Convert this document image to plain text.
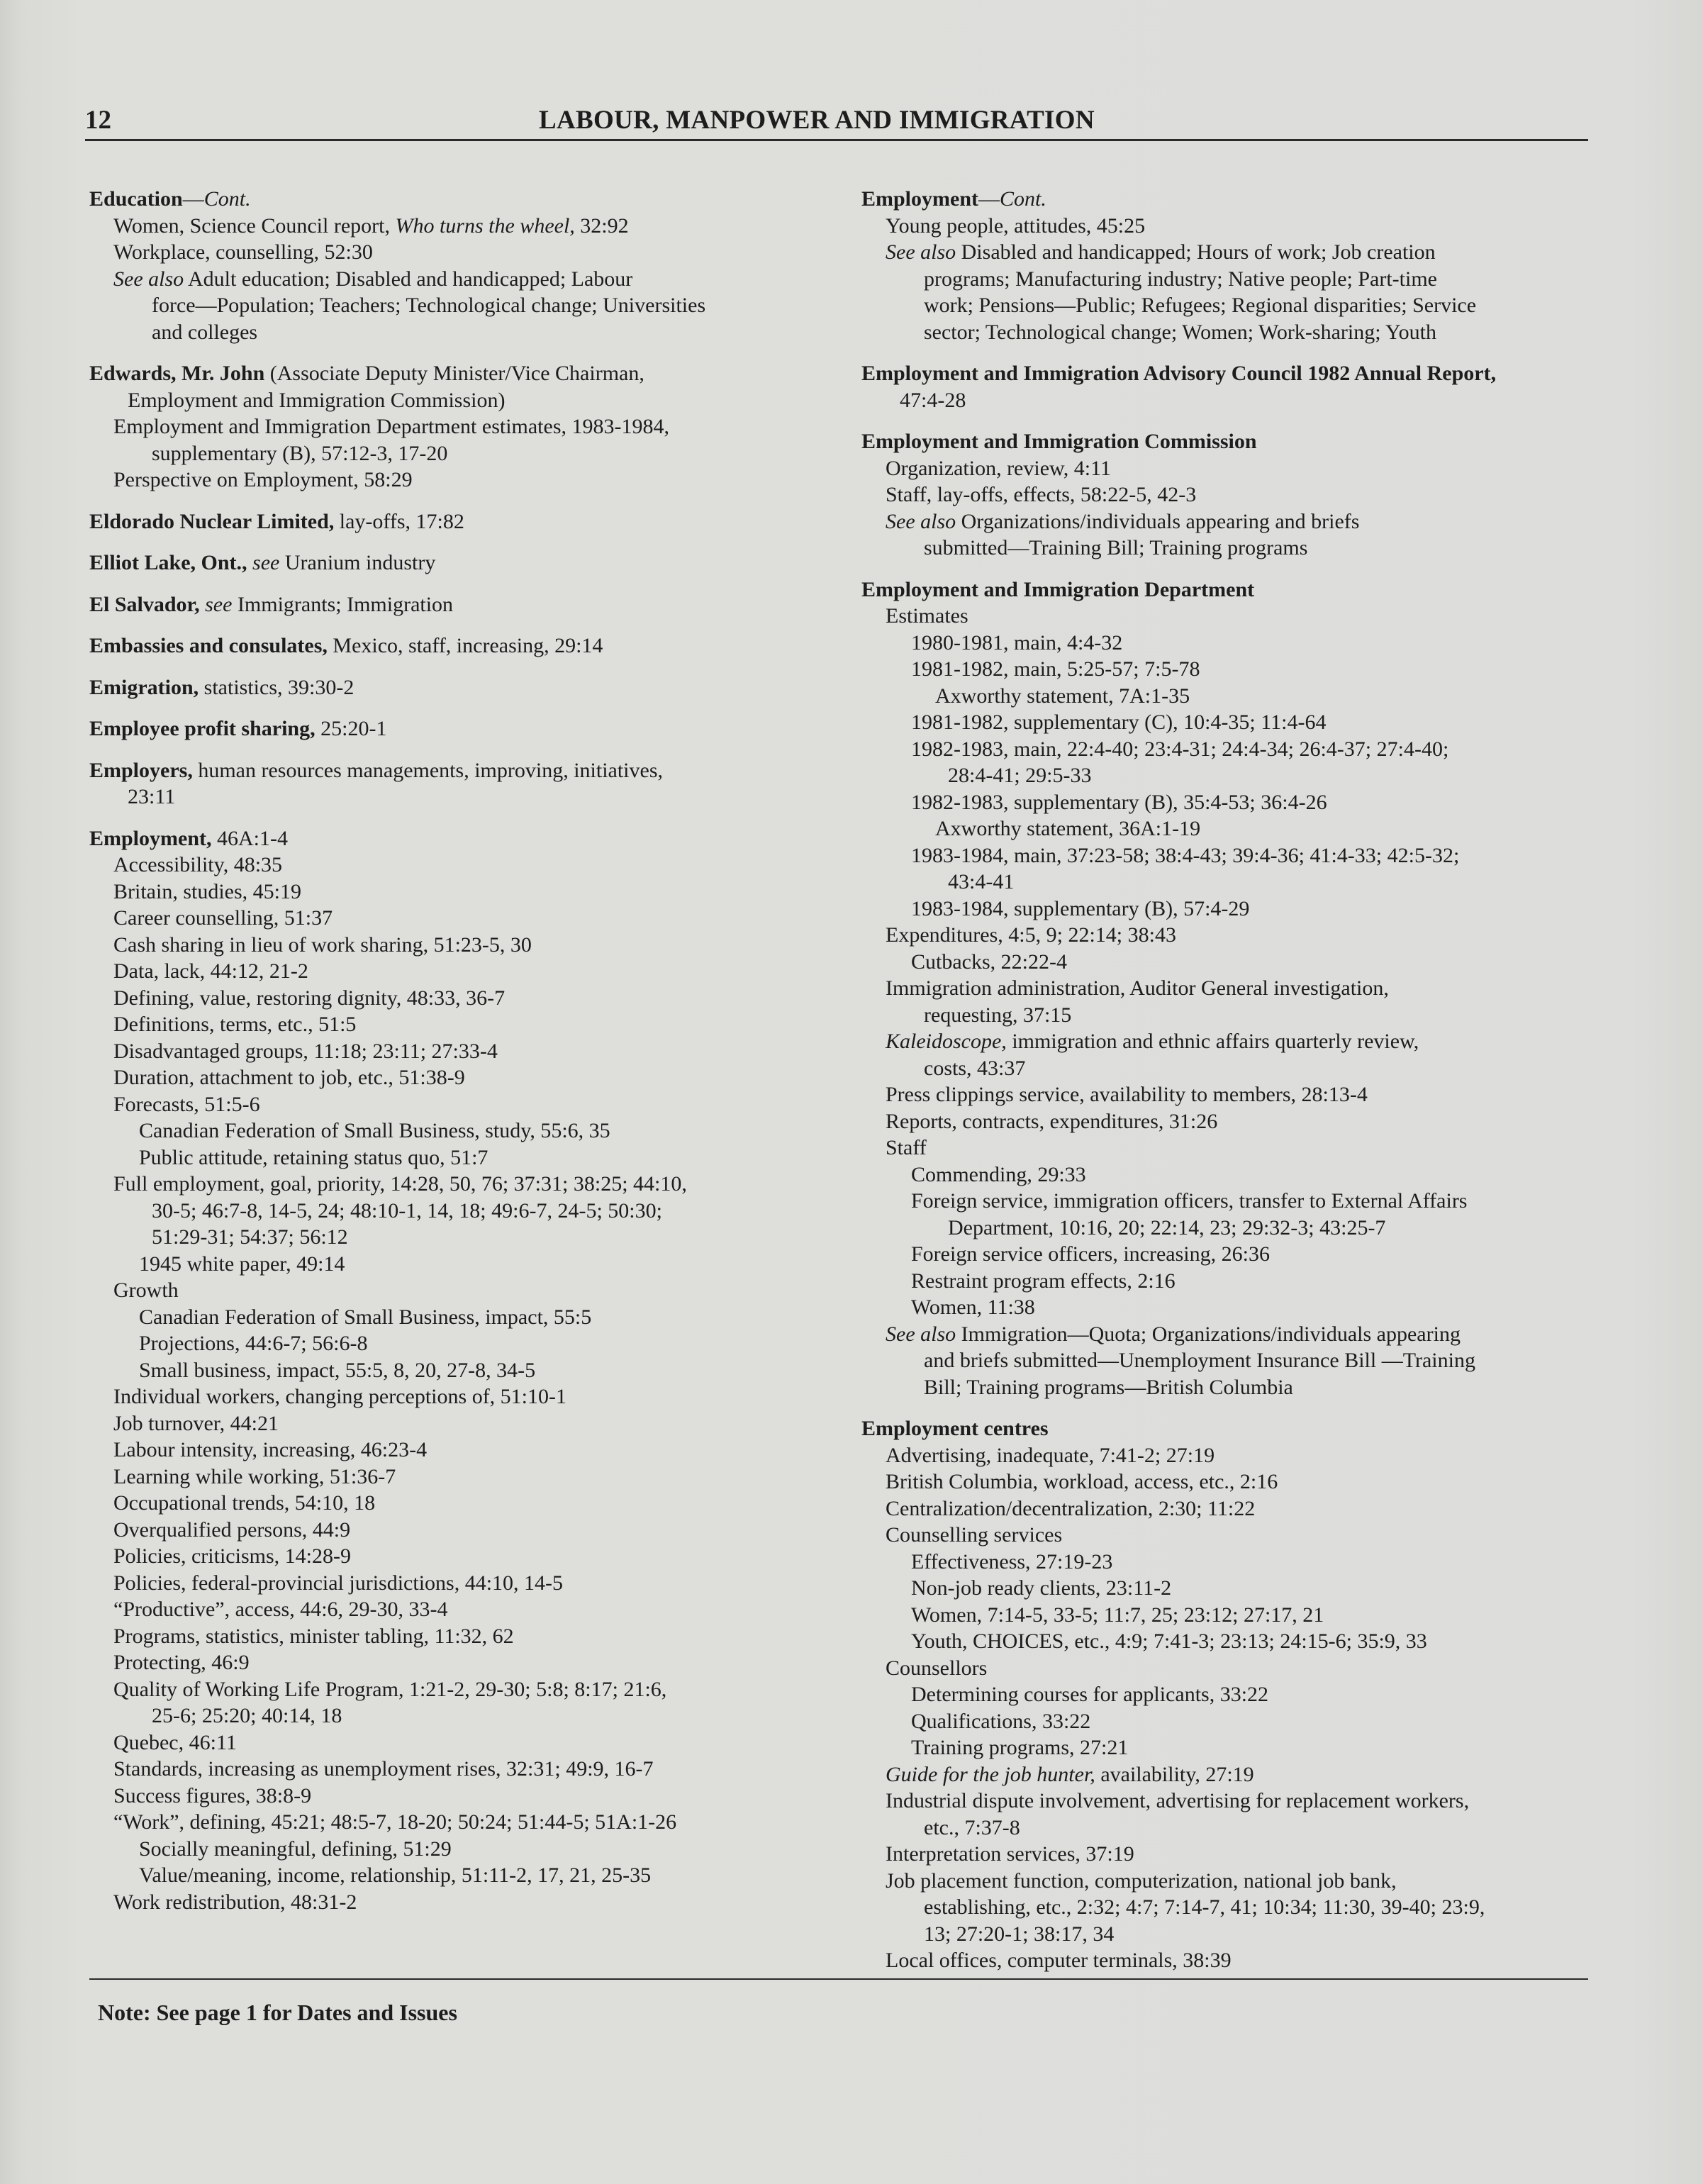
12	LABOUR, MANPOWER AND IMMIGRATION
Education—Cont.
Women, Science Council report, Who turns the wheel, 32:92
Workplace, counselling, 52:30
See also Adult education; Disabled and handicapped; Labour
force—Population; Teachers; Technological change; Universities
and colleges
Edwards, Mr. John (Associate Deputy Minister/Vice Chairman,
Employment and Immigration Commission)
Employment and Immigration Department estimates, 1983-1984,
supplementary (B), 57:12-3, 17-20
Perspective on Employment, 58:29
Eldorado Nuclear Limited, lay-offs, 17:82
Elliot Lake, Ont., see Uranium industry
El Salvador, see Immigrants; Immigration
Embassies and consulates, Mexico, staff, increasing, 29:14
Emigration, statistics, 39:30-2
Employee profit sharing, 25:20-1
Employers, human resources managements, improving, initiatives,
23:11
Employment, 46A:1-4
Accessibility, 48:35
Britain, studies, 45:19
Career counselling, 51:37
Cash sharing in lieu of work sharing, 51:23-5, 30
Data, lack, 44:12, 21-2
Defining, value, restoring dignity, 48:33, 36-7
Definitions, terms, etc., 51:5
Disadvantaged groups, 11:18; 23:11; 27:33-4
Duration, attachment to job, etc., 51:38-9
Forecasts, 51:5-6
Canadian Federation of Small Business, study, 55:6, 35
Public attitude, retaining status quo, 51:7
Full employment, goal, priority, 14:28, 50, 76; 37:31; 38:25; 44:10,
30-5; 46:7-8, 14-5, 24; 48:10-1, 14, 18; 49:6-7, 24-5; 50:30;
51:29-31; 54:37; 56:12
1945 white paper, 49:14
Growth
Canadian Federation of Small Business, impact, 55:5
Projections, 44:6-7; 56:6-8
Small business, impact, 55:5, 8, 20, 27-8, 34-5
Individual workers, changing perceptions of, 51:10-1
Job turnover, 44:21
Labour intensity, increasing, 46:23-4
Learning while working, 51:36-7
Occupational trends, 54:10, 18
Overqualified persons, 44:9
Policies, criticisms, 14:28-9
Policies, federal-provincial jurisdictions, 44:10, 14-5
“Productive”, access, 44:6, 29-30, 33-4
Programs, statistics, minister tabling, 11:32, 62
Protecting, 46:9
Quality of Working Life Program, 1:21-2, 29-30; 5:8; 8:17; 21:6,
25-6; 25:20; 40:14, 18
Quebec, 46:11
Standards, increasing as unemployment rises, 32:31; 49:9, 16-7
Success figures, 38:8-9
“Work”, defining, 45:21; 48:5-7, 18-20; 50:24; 51:44-5; 51A:1-26
Socially meaningful, defining, 51:29
Value/meaning, income, relationship, 51:11-2, 17, 21, 25-35
Work redistribution, 48:31-2
Employment—Cont.
Young people, attitudes, 45:25
See also Disabled and handicapped; Hours of work; Job creation
programs; Manufacturing industry; Native people; Part-time
work; Pensions—Public; Refugees; Regional disparities; Service
sector; Technological change; Women; Work-sharing; Youth
Employment and Immigration Advisory Council 1982 Annual Report,
47:4-28
Employment and Immigration Commission
Organization, review, 4:11
Staff, lay-offs, effects, 58:22-5, 42-3
See also Organizations/individuals appearing and briefs
submitted—Training Bill; Training programs
Employment and Immigration Department
Estimates
1980-1981, main, 4:4-32
1981-1982, main, 5:25-57; 7:5-78
Axworthy statement, 7A:1-35
1981-1982, supplementary (C), 10:4-35; 11:4-64
1982-1983, main, 22:4-40; 23:4-31; 24:4-34; 26:4-37; 27:4-40;
28:4-41; 29:5-33
1982-1983, supplementary (B), 35:4-53; 36:4-26
Axworthy statement, 36A:1-19
1983-1984, main, 37:23-58; 38:4-43; 39:4-36; 41:4-33; 42:5-32;
43:4-41
1983-1984, supplementary (B), 57:4-29
Expenditures, 4:5, 9; 22:14; 38:43
Cutbacks, 22:22-4
Immigration administration, Auditor General investigation,
requesting, 37:15
Kaleidoscope, immigration and ethnic affairs quarterly review,
costs, 43:37
Press clippings service, availability to members, 28:13-4
Reports, contracts, expenditures, 31:26
Staff
Commending, 29:33
Foreign service, immigration officers, transfer to External Affairs
Department, 10:16, 20; 22:14, 23; 29:32-3; 43:25-7
Foreign service officers, increasing, 26:36
Restraint program effects, 2:16
Women, 11:38
See also Immigration—Quota; Organizations/individuals appearing
and briefs submitted—Unemployment Insurance Bill —Training
Bill; Training programs—British Columbia
Employment centres
Advertising, inadequate, 7:41-2; 27:19
British Columbia, workload, access, etc., 2:16
Centralization/decentralization, 2:30; 11:22
Counselling services
Effectiveness, 27:19-23
Non-job ready clients, 23:11-2
Women, 7:14-5, 33-5; 11:7, 25; 23:12; 27:17, 21
Youth, CHOICES, etc., 4:9; 7:41-3; 23:13; 24:15-6; 35:9, 33
Counsellors
Determining courses for applicants, 33:22
Qualifications, 33:22
Training programs, 27:21
Guide for the job hunter, availability, 27:19
Industrial dispute involvement, advertising for replacement workers,
etc., 7:37-8
Interpretation services, 37:19
Job placement function, computerization, national job bank,
establishing, etc., 2:32; 4:7; 7:14-7, 41; 10:34; 11:30, 39-40; 23:9,
13; 27:20-1; 38:17, 34
Local offices, computer terminals, 38:39
Note: See page 1 for Dates and Issues
